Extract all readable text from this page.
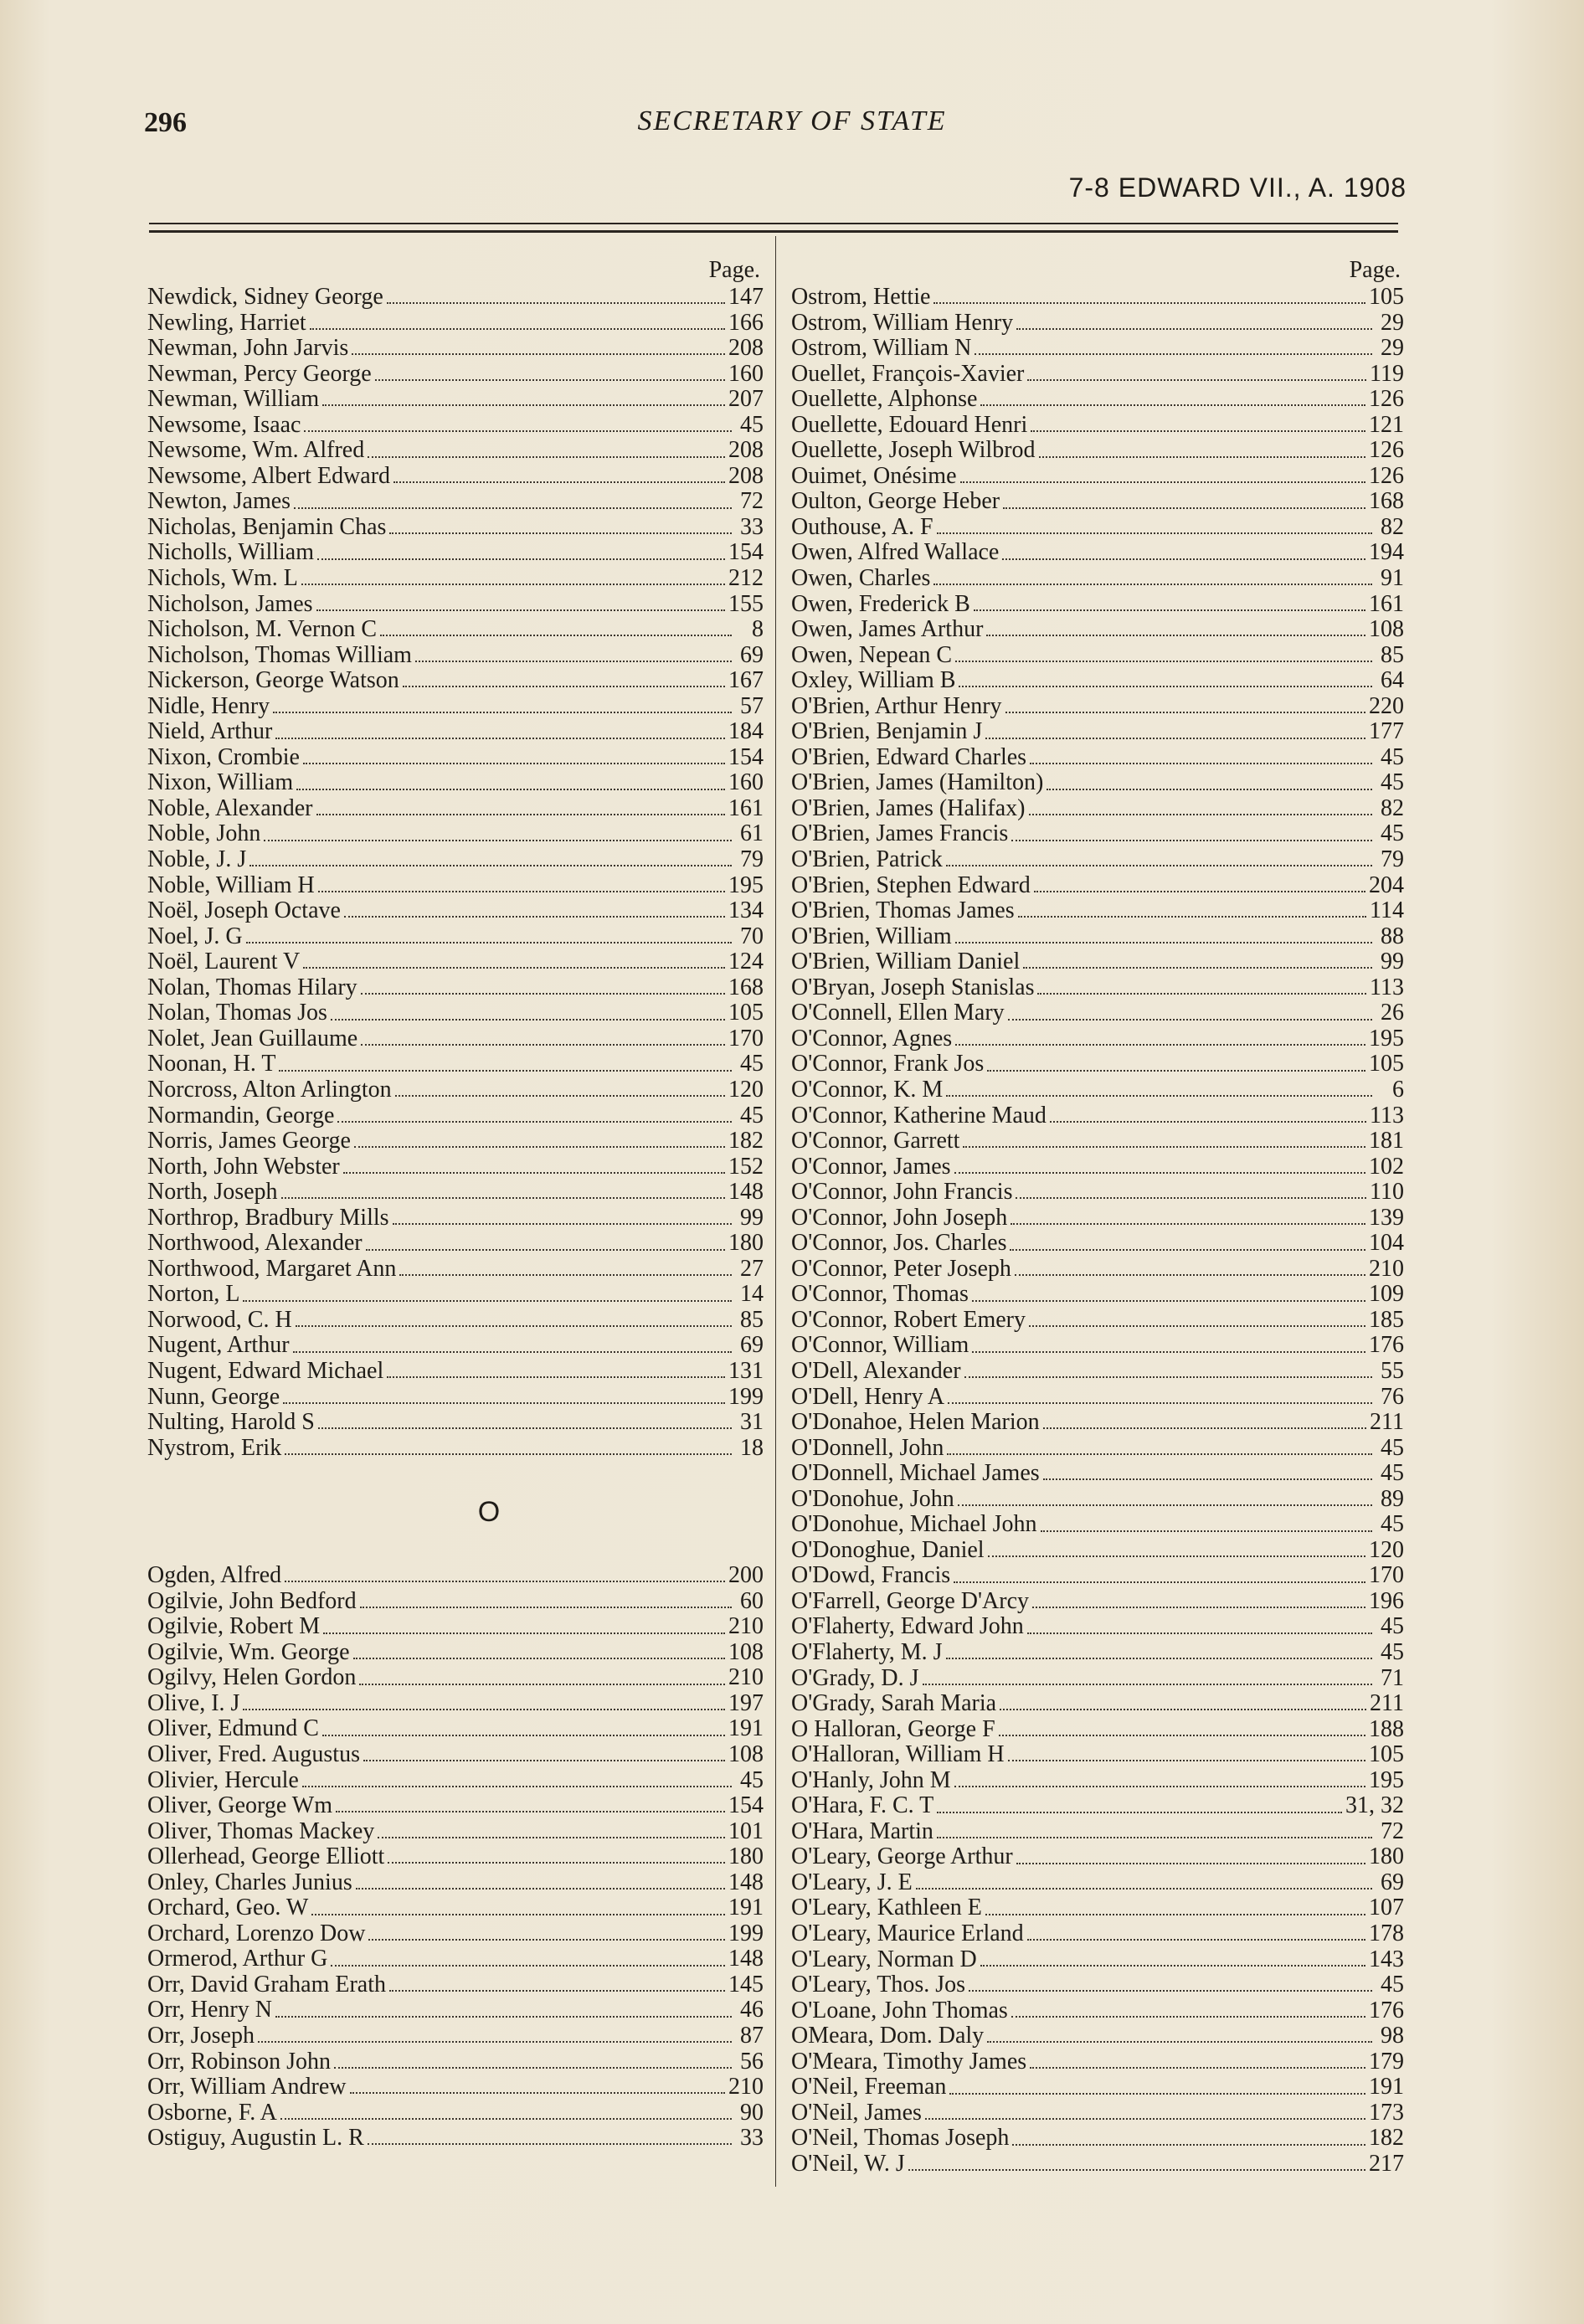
296	SECRETARY OF STATE
7-8 EDWARD VII., A. 1908
Page.
Newdick, Sidney George	147
Newling, Harriet	166
Newman, John Jarvis	208
Newman, Percy George	160
Newman, William	207
Newsome, Isaac	45
Newsome, Wm. Alfred	208
Newsome, Albert Edward	208
Newton, James	72
Nicholas, Benjamin Chas	33
Nicholls, William	154
Nichols, Wm. L	212
Nicholson, James	155
Nicholson, M. Vernon C	8
Nicholson, Thomas William	69
Nickerson, George Watson	167
Nidle, Henry	57
Nield, Arthur	184
Nixon, Crombie	154
Nixon, William	160
Noble, Alexander	161
Noble, John	61
Noble, J. J	79
Noble, William H	195
Noël, Joseph Octave	134
Noel, J. G	70
Noël, Laurent V	124
Nolan, Thomas Hilary	168
Nolan, Thomas Jos	105
Nolet, Jean Guillaume	170
Noonan, H. T	45
Norcross, Alton Arlington	120
Normandin, George	45
Norris, James George	182
North, John Webster	152
North, Joseph	148
Northrop, Bradbury Mills	99
Northwood, Alexander	180
Northwood, Margaret Ann	27
Norton, L	14
Norwood, C. H	85
Nugent, Arthur	69
Nugent, Edward Michael	131
Nunn, George	199
Nulting, Harold S	31
Nystrom, Erik	18
O
Ogden, Alfred	200
Ogilvie, John Bedford	60
Ogilvie, Robert M	210
Ogilvie, Wm. George	108
Ogilvy, Helen Gordon	210
Olive, I. J	197
Oliver, Edmund C	191
Oliver, Fred. Augustus	108
Olivier, Hercule	45
Oliver, George Wm	154
Oliver, Thomas Mackey	101
Ollerhead, George Elliott	180
Onley, Charles Junius	148
Orchard, Geo. W	191
Orchard, Lorenzo Dow	199
Ormerod, Arthur G	148
Orr, David Graham Erath	145
Orr, Henry N	46
Orr, Joseph	87
Orr, Robinson John	56
Orr, William Andrew	210
Osborne, F. A	90
Ostiguy, Augustin L. R	33
Page.
Ostrom, Hettie	105
Ostrom, William Henry	29
Ostrom, William N	29
Ouellet, François-Xavier	119
Ouellette, Alphonse	126
Ouellette, Edouard Henri	121
Ouellette, Joseph Wilbrod	126
Ouimet, Onésime	126
Oulton, George Heber	168
Outhouse, A. F	82
Owen, Alfred Wallace	194
Owen, Charles	91
Owen, Frederick B	161
Owen, James Arthur	108
Owen, Nepean C	85
Oxley, William B	64
O'Brien, Arthur Henry	220
O'Brien, Benjamin J	177
O'Brien, Edward Charles	45
O'Brien, James (Hamilton)	45
O'Brien, James (Halifax)	82
O'Brien, James Francis	45
O'Brien, Patrick	79
O'Brien, Stephen Edward	204
O'Brien, Thomas James	114
O'Brien, William	88
O'Brien, William Daniel	99
O'Bryan, Joseph Stanislas	113
O'Connell, Ellen Mary	26
O'Connor, Agnes	195
O'Connor, Frank Jos	105
O'Connor, K. M	6
O'Connor, Katherine Maud	113
O'Connor, Garrett	181
O'Connor, James	102
O'Connor, John Francis	110
O'Connor, John Joseph	139
O'Connor, Jos. Charles	104
O'Connor, Peter Joseph	210
O'Connor, Thomas	109
O'Connor, Robert Emery	185
O'Connor, William	176
O'Dell, Alexander	55
O'Dell, Henry A	76
O'Donahoe, Helen Marion	211
O'Donnell, John	45
O'Donnell, Michael James	45
O'Donohue, John	89
O'Donohue, Michael John	45
O'Donoghue, Daniel	120
O'Dowd, Francis	170
O'Farrell, George D'Arcy	196
O'Flaherty, Edward John	45
O'Flaherty, M. J	45
O'Grady, D. J	71
O'Grady, Sarah Maria	211
O Halloran, George F	188
O'Halloran, William H	105
O'Hanly, John M	195
O'Hara, F. C. T	31, 32
O'Hara, Martin	72
O'Leary, George Arthur	180
O'Leary, J. E	69
O'Leary, Kathleen E	107
O'Leary, Maurice Erland	178
O'Leary, Norman D	143
O'Leary, Thos. Jos	45
O'Loane, John Thomas	176
OMeara, Dom. Daly	98
O'Meara, Timothy James	179
O'Neil, Freeman	191
O'Neil, James	173
O'Neil, Thomas Joseph	182
O'Neil, W. J	217
